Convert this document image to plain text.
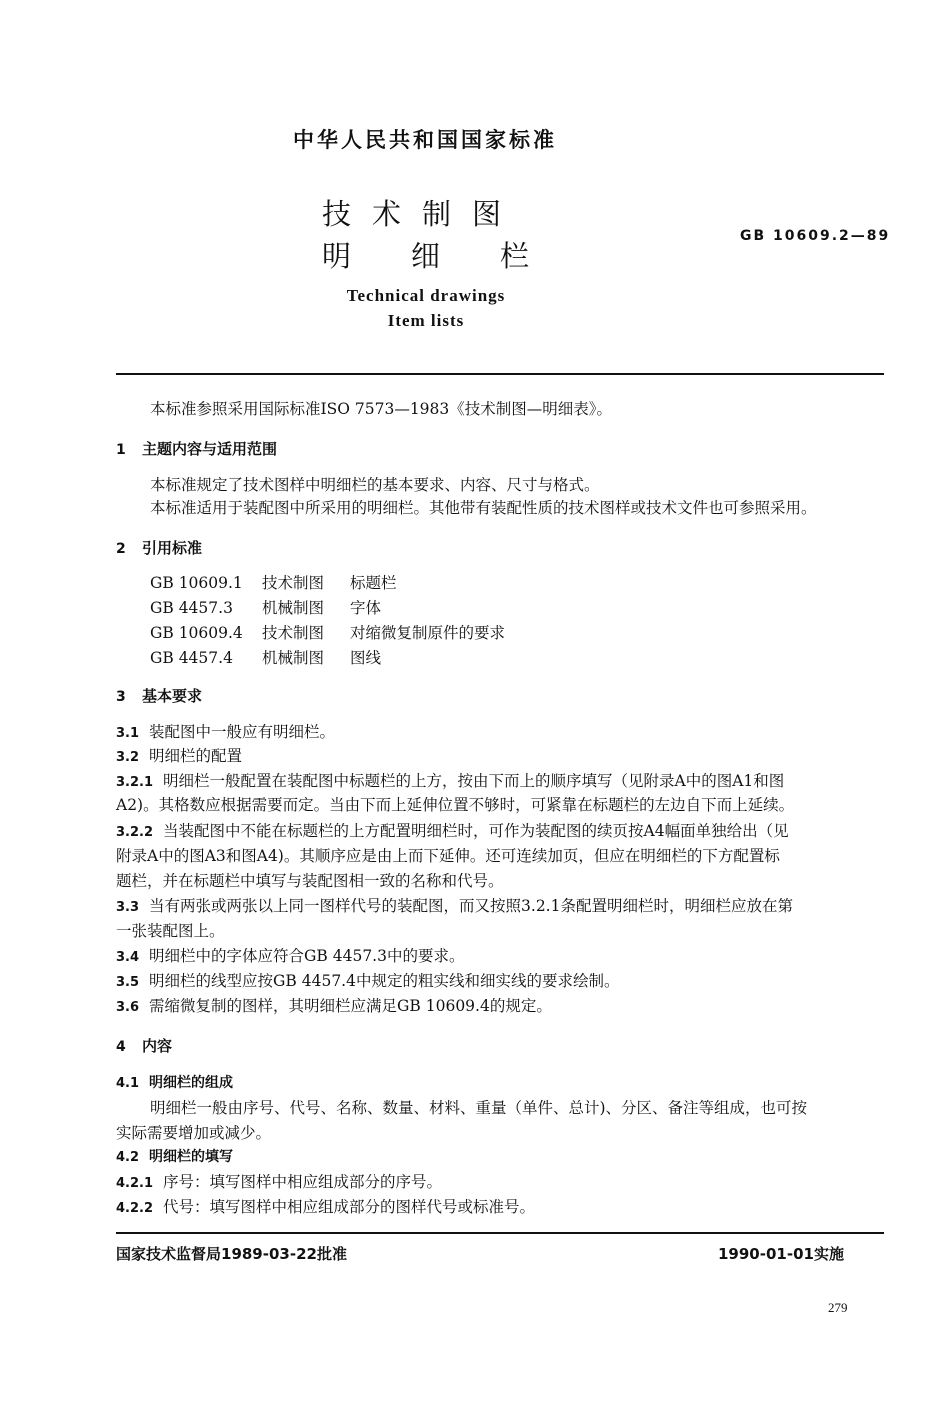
中华人民共和国国家标准
技术制图
明细栏
GB 10609.2—89
Technical drawings
Item lists
本标准参照采用国际标准ISO 7573—1983《技术制图—明细表》。
1 主题内容与适用范围
本标准规定了技术图样中明细栏的基本要求、内容、尺寸与格式。
本标准适用于装配图中所采用的明细栏。其他带有装配性质的技术图样或技术文件也可参照采用。
2 引用标准
GB 10609.1 技术制图 标题栏
GB 4457.3 机械制图 字体
GB 10609.4 技术制图 对缩微复制原件的要求
GB 4457.4 机械制图 图线
3 基本要求
3.1 装配图中一般应有明细栏。
3.2 明细栏的配置
3.2.1 明细栏一般配置在装配图中标题栏的上方，按由下而上的顺序填写（见附录A中的图A1和图
A2)。其格数应根据需要而定。当由下而上延伸位置不够时，可紧靠在标题栏的左边自下而上延续。
3.2.2 当装配图中不能在标题栏的上方配置明细栏时，可作为装配图的续页按A4幅面单独给出（见
附录A中的图A3和图A4)。其顺序应是由上而下延伸。还可连续加页，但应在明细栏的下方配置标
题栏，并在标题栏中填写与装配图相一致的名称和代号。
3.3 当有两张或两张以上同一图样代号的装配图，而又按照3.2.1条配置明细栏时，明细栏应放在第
一张装配图上。
3.4 明细栏中的字体应符合GB 4457.3中的要求。
3.5 明细栏的线型应按GB 4457.4中规定的粗实线和细实线的要求绘制。
3.6 需缩微复制的图样，其明细栏应满足GB 10609.4的规定。
4 内容
4.1 明细栏的组成
明细栏一般由序号、代号、名称、数量、材料、重量（单件、总计)、分区、备注等组成，也可按
实际需要增加或减少。
4.2 明细栏的填写
4.2.1 序号：填写图样中相应组成部分的序号。
4.2.2 代号：填写图样中相应组成部分的图样代号或标准号。
国家技术监督局1989-03-22批准	1990-01-01实施
279
